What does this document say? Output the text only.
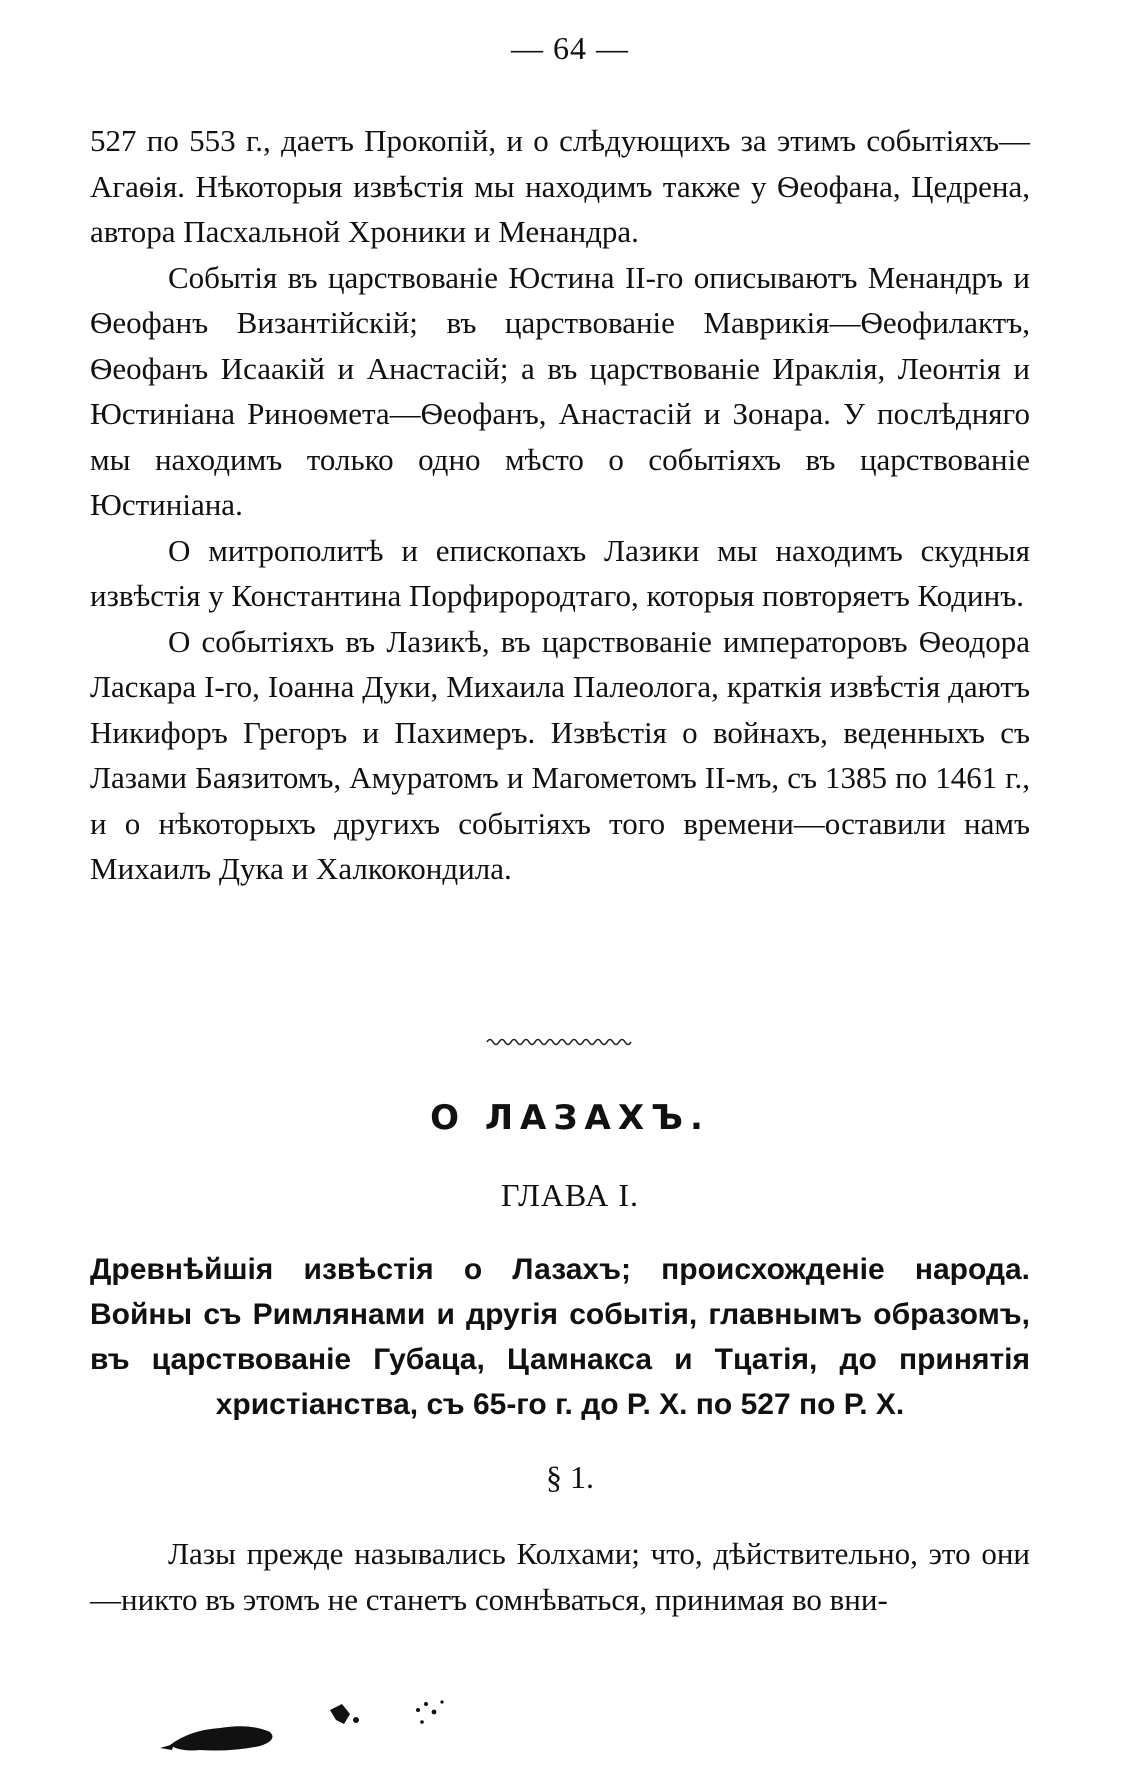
— 64 —

527 по 553 г., даетъ Прокопій, и о слѣдующихъ за этимъ событіяхъ—Агаѳія. Нѣкоторыя извѣстія мы находимъ также у Ѳеофана, Цедрена, автора Пасхальной Хроники и Менандра.

Событія въ царствованіе Юстина II-го описываютъ Менандръ и Ѳеофанъ Византійскій; въ царствованіе Маврикія—Ѳеофилактъ, Ѳеофанъ Исаакій и Анастасій; а въ царствованіе Ираклія, Леонтія и Юстиніана Риноѳмета—Ѳеофанъ, Анастасій и Зонара. У послѣдняго мы находимъ только одно мѣсто о событіяхъ въ царствованіе Юстиніана.

О митрополитѣ и епископахъ Лазики мы находимъ скудныя извѣстія у Константина Порфирородтаго, которыя повторяетъ Кодинъ.

О событіяхъ въ Лазикѣ, въ царствованіе императоровъ Ѳеодора Ласкара I-го, Іоанна Дуки, Михаила Палеолога, краткія извѣстія даютъ Никифоръ Грегоръ и Пахимеръ. Извѣстія о войнахъ, веденныхъ съ Лазами Баязитомъ, Амуратомъ и Магометомъ II-мъ, съ 1385 по 1461 г., и о нѣкоторыхъ другихъ событіяхъ того времени—оставили намъ Михаилъ Дука и Халкокондила.

О ЛАЗАХЪ.
ГЛАВА I.
Древнѣйшія извѣстія о Лазахъ; происхожденіе народа. Войны съ Римлянами и другія событія, главнымъ образомъ, въ царствованіе Губаца, Цамнакса и Тцатія, до принятія христіанства, съ 65-го г. до Р. Х. по 527 по Р. Х.
§ 1.
Лазы прежде назывались Колхами; что, дѣйствительно, это они—никто въ этомъ не станетъ сомнѣваться, принимая во вни-
